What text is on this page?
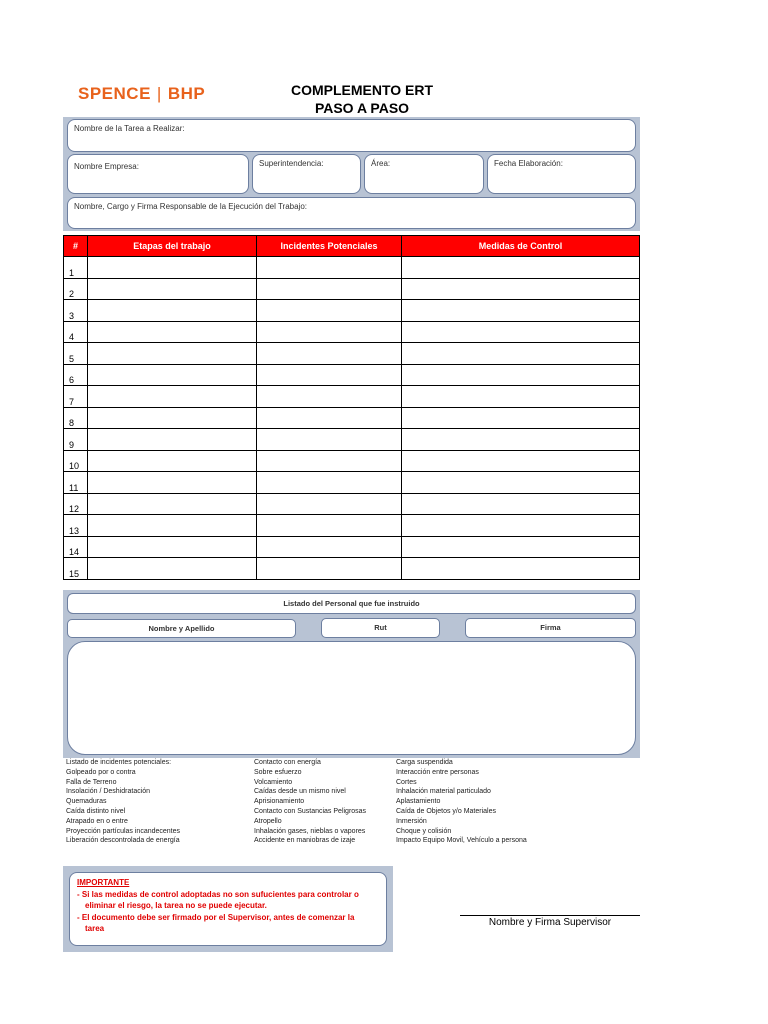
SPENCE | BHP	COMPLEMENTO ERT
PASO A PASO
Nombre de la Tarea a Realizar:
Nombre Empresa:	Superintendencia:	Área:	Fecha Elaboración:
Nombre, Cargo y Firma Responsable de la Ejecución del Trabajo:
#	Etapas del trabajo	Incidentes Potenciales	Medidas de Control
1			
2			
3			
4			
5			
6			
7			
8			
9			
10			
11			
12			
13			
14			
15			
Listado del Personal que fue instruido
Nombre y Apellido	Rut	Firma
Listado de incidentes potenciales:
Golpeado por o contra
Falla de Terreno
Insolación / Deshidratación
Quemaduras
Caída distinto nivel
Atrapado en o entre
Proyección partículas incandecentes
Liberación descontrolada de energía
Contacto con energía
Sobre esfuerzo
Volcamiento
Caídas desde un mismo nivel
Aprisionamiento
Contacto con Sustancias Peligrosas
Atropello
Inhalación gases, nieblas o vapores
Accidente en maniobras de izaje
Carga suspendida
Interacción entre personas
Cortes
Inhalación material particulado
Aplastamiento
Caída de Objetos y/o Materiales
Inmersión
Choque y colisión
Impacto Equipo Movil, Vehículo a persona
IMPORTANTE
- Si las medidas de control adoptadas no son sufucientes para controlar o
eliminar el riesgo, la tarea no se puede ejecutar.
- El documento debe ser firmado por el Supervisor, antes de comenzar la
tarea
Nombre y Firma Supervisor
